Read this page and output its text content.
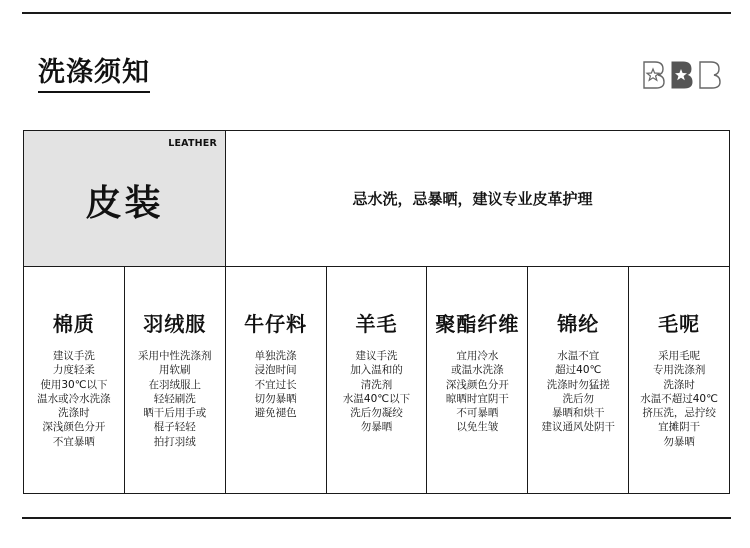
洗涤须知
LEATHER
皮装	忌水洗，忌暴晒，建议专业皮革护理
棉质
建议手洗
力度轻柔
使用30℃以下
温水或冷水洗涤
洗涤时
深浅颜色分开
不宜暴晒
羽绒服
采用中性洗涤剂
用软刷
在羽绒服上
轻轻刷洗
晒干后用手或
棍子轻轻
拍打羽绒
牛仔料
单独洗涤
浸泡时间
不宜过长
切勿暴晒
避免褪色
羊毛
建议手洗
加入温和的
清洗剂
水温40℃以下
洗后勿凝绞
勿暴晒
聚酯纤维
宜用冷水
或温水洗涤
深浅颜色分开
晾晒时宜阴干
不可暴晒
以免生皱
锦纶
水温不宜
超过40℃
洗涤时勿猛搓
洗后勿
暴晒和烘干
建议通风处阴干
毛呢
采用毛呢
专用洗涤剂
洗涤时
水温不超过40℃
挤压洗，忌拧绞
宜摊阴干
勿暴晒
